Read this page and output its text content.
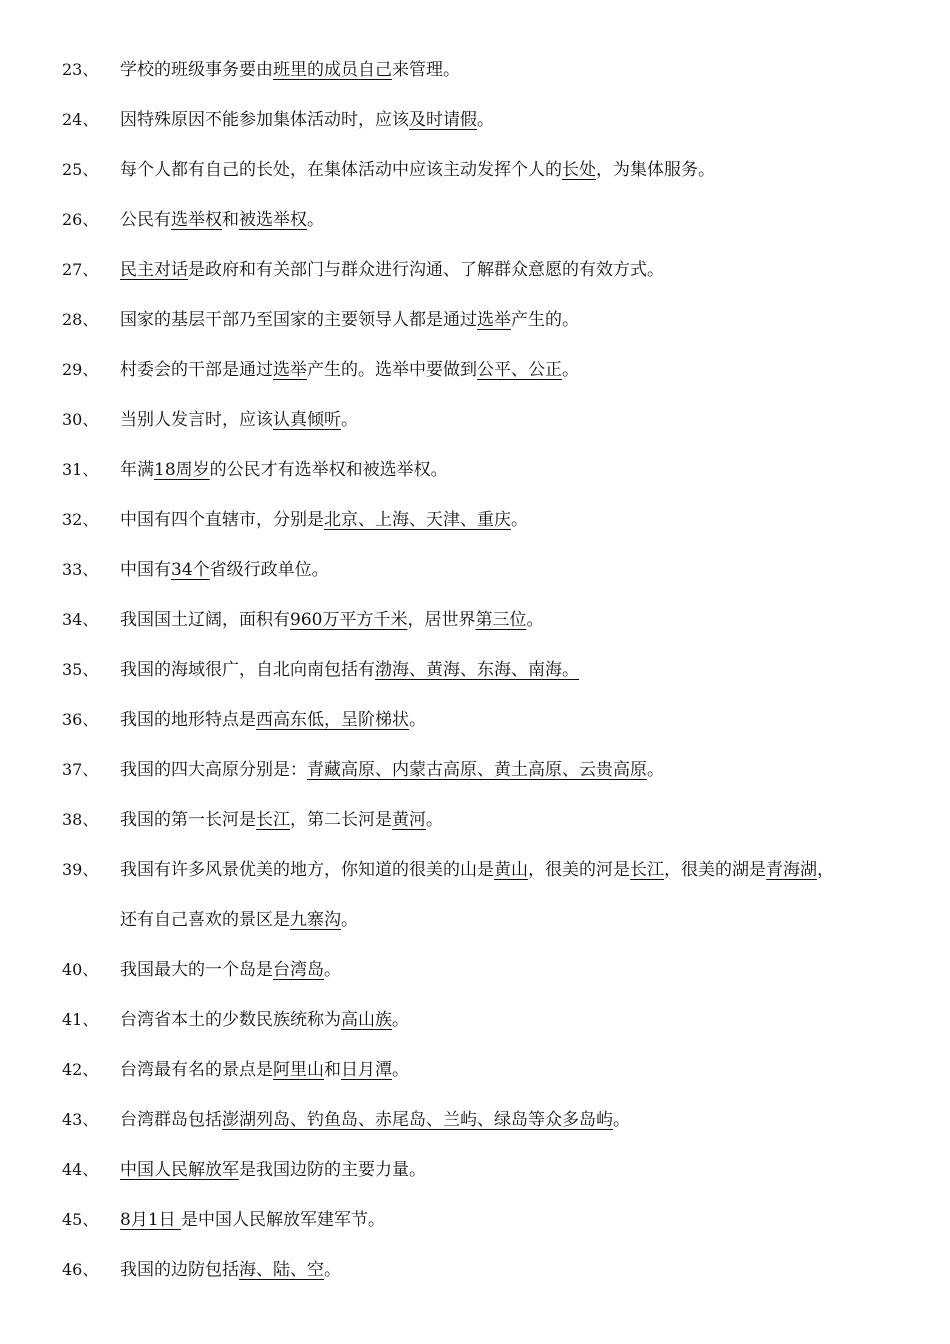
23、 学校的班级事务要由班里的成员自己来管理。
24、 因特殊原因不能参加集体活动时，应该及时请假。
25、 每个人都有自己的长处，在集体活动中应该主动发挥个人的长处，为集体服务。
26、 公民有选举权和被选举权。
27、 民主对话是政府和有关部门与群众进行沟通、了解群众意愿的有效方式。
28、 国家的基层干部乃至国家的主要领导人都是通过选举产生的。
29、 村委会的干部是通过选举产生的。选举中要做到公平、公正。
30、 当别人发言时，应该认真倾听。
31、 年满18周岁的公民才有选举权和被选举权。
32、 中国有四个直辖市，分别是北京、上海、天津、重庆。
33、 中国有34个省级行政单位。
34、 我国国土辽阔，面积有960万平方千米，居世界第三位。
35、 我国的海域很广，自北向南包括有渤海、黄海、东海、南海。
36、 我国的地形特点是西高东低，呈阶梯状。
37、 我国的四大高原分别是：青藏高原、内蒙古高原、黄土高原、云贵高原。
38、 我国的第一长河是长江，第二长河是黄河。
39、 我国有许多风景优美的地方，你知道的很美的山是黄山，很美的河是长江，很美的湖是青海湖，
还有自己喜欢的景区是九寨沟。
40、 我国最大的一个岛是台湾岛。
41、 台湾省本土的少数民族统称为高山族。
42、 台湾最有名的景点是阿里山和日月潭。
43、 台湾群岛包括澎湖列岛、钓鱼岛、赤尾岛、兰屿、绿岛等众多岛屿。
44、 中国人民解放军是我国边防的主要力量。
45、 8月1日 是中国人民解放军建军节。
46、 我国的边防包括海、陆、空。
